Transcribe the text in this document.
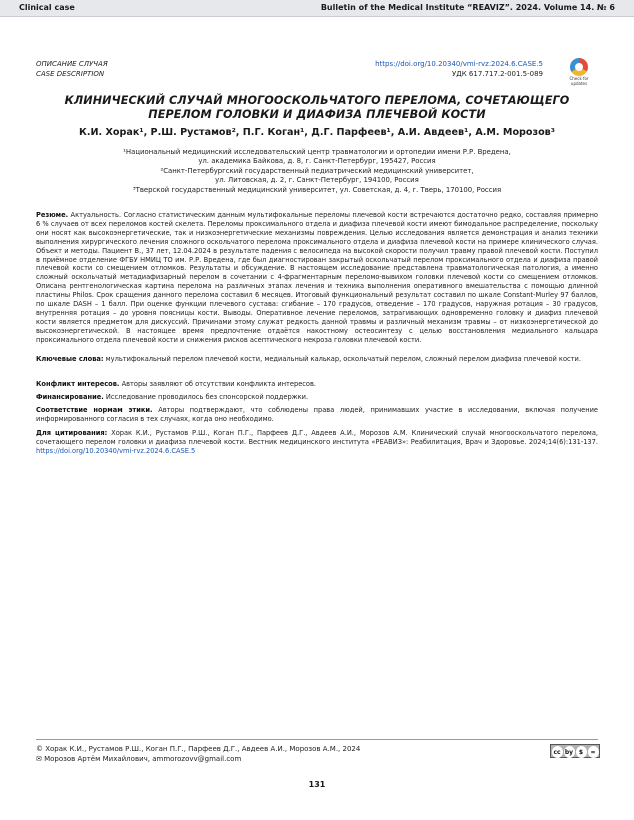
Clinical case	Bulletin of the Medical Institute “REAVIZ”. 2024. Volume 14. № 6
ОПИСАНИЕ СЛУЧАЯ
CASE DESCRIPTION
https://doi.org/10.20340/vmi-rvz.2024.6.CASE.5
УДК 617.717.2-001.5-089
Check for updates
КЛИНИЧЕСКИЙ СЛУЧАЙ МНОГООСКОЛЬЧАТОГО ПЕРЕЛОМА, СОЧЕТАЮЩЕГО ПЕРЕЛОМ ГОЛОВКИ И ДИАФИЗА ПЛЕЧЕВОЙ КОСТИ
К.И. Хорак¹, Р.Ш. Рустамов², П.Г. Коган¹, Д.Г. Парфеев¹, А.И. Авдеев¹, А.М. Морозов³
¹Национальный медицинский исследовательский центр травматологии и ортопедии имени Р.Р. Вредена,
ул. академика Байкова, д. 8, г. Санкт-Петербург, 195427, Россия
²Санкт-Петербургский государственный педиатрический медицинский университет,
ул. Литовская, д. 2, г. Санкт-Петербург, 194100, Россия
³Тверской государственный медицинский университет, ул. Советская, д. 4, г. Тверь, 170100, Россия
Резюме. Актуальность. Согласно статистическим данным мультифокальные переломы плечевой кости встречаются достаточно редко, составляя примерно 6 % случаев от всех переломов костей скелета. Переломы проксимального отдела и диафиза плечевой кости имеют бимодальное распределение, поскольку они носят как высокоэнергетические, так и низкоэнергетические механизмы повреждения. Целью исследования является демонстрация и анализ техники выполнения хирургического лечения сложного оскольчатого перелома проксимального отдела и диафиза плечевой кости на примере клинического случая. Объект и методы. Пациент В., 37 лет, 12.04.2024 в результате падения с велосипеда на высокой скорости получил травму правой плечевой кости. Поступил в приёмное отделение ФГБУ НМИЦ ТО им. Р.Р. Вредена, где был диагностирован закрытый оскольчатый перелом проксимального отдела и диафиза правой плечевой кости со смещением отломков. Результаты и обсуждение. В настоящем исследование представлена травматологическая патология, а именно сложный оскольчатый метадиафизарный перелом в сочетании с 4-фрагментарным переломо-вывихом головки плечевой кости со смещением отломков. Описана рентгенологическая картина перелома на различных этапах лечения и техника выполнения оперативного вмешательства с помощью длинной пластины Philos. Срок сращения данного перелома составил 6 месяцев. Итоговый функциональный результат составил по шкале Constant-Murley 97 баллов, по шкале DASH – 1 балл. При оценке функции плечевого сустава: сгибание – 170 градусов, отведение – 170 градусов, наружная ротация – 30 градусов, внутренняя ротация – до уровня поясницы кости. Выводы. Оперативное лечение переломов, затрагивающих одновременно головку и диафиз плечевой кости является предметом для дискуссий. Причинами этому служат редкость данной травмы и различный механизм травмы – от низкоэнергетической до высокоэнергетической. В настоящее время предпочтение отдаётся накостному остеосинтезу с целью восстановления медиального кальцара проксимального отдела плечевой кости и снижения рисков асептического некроза головки плечевой кости.
Ключевые слова: мультифокальный перелом плечевой кости, медиальный калькар, оскольчатый перелом, сложный перелом диафиза плечевой кости.
Конфликт интересов. Авторы заявляют об отсутствии конфликта интересов.
Финансирование. Исследование проводилось без спонсорской поддержки.
Соответствие нормам этики. Авторы подтверждают, что соблюдены права людей, принимавших участие в исследовании, включая получение информированного согласия в тех случаях, когда оно необходимо.
Для цитирования: Хорак К.И., Рустамов Р.Ш., Коган П.Г., Парфеев Д.Г., Авдеев А.И., Морозов А.М. Клинический случай многооскольчатого перелома, сочетающего перелом головки и диафиза плечевой кости. Вестник медицинского института «РЕАВИЗ»: Реабилитация, Врач и Здоровье. 2024;14(6):131-137. https://doi.org/10.20340/vmi-rvz.2024.6.CASE.5
© Хорак К.И., Рустамов Р.Ш., Коган П.Г., Парфеев Д.Г., Авдеев А.И., Морозов А.М., 2024
✉ Морозов Артём Михайлович, ammorozovv@gmail.com
cc by $	=
131
